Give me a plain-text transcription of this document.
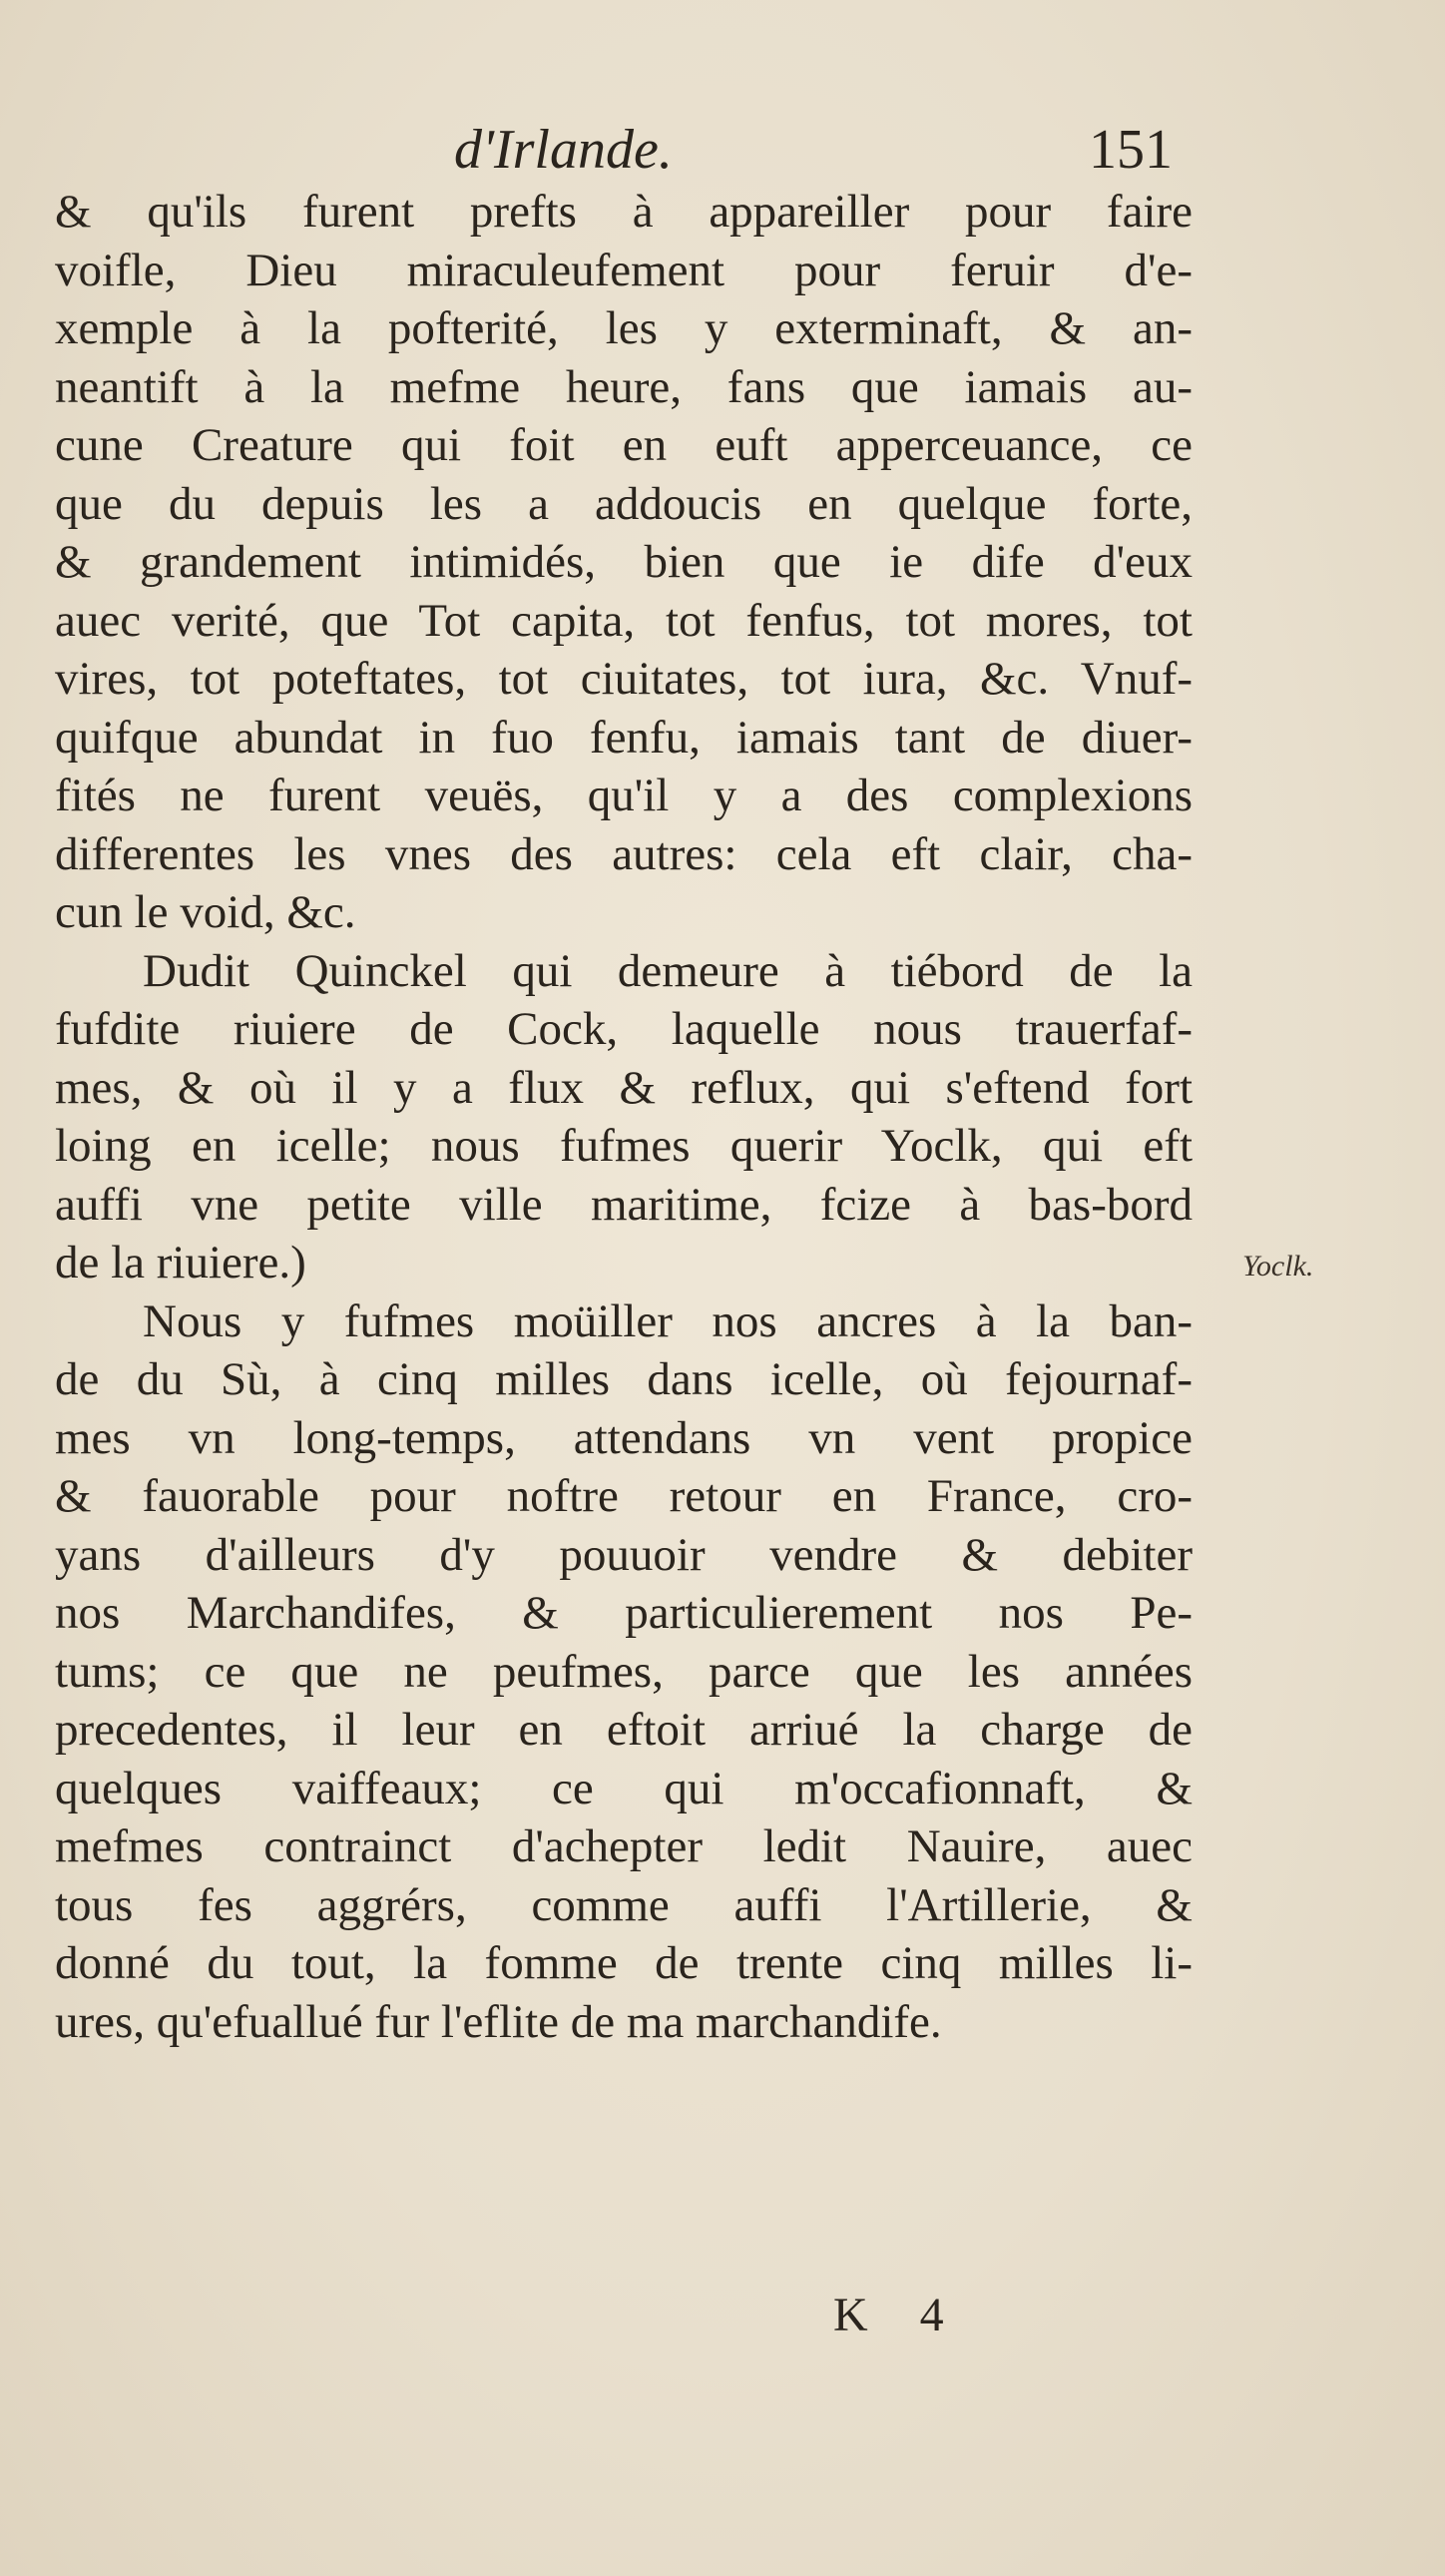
d'Irlande.	151
& qu'ils furent prefts à appareiller pour faire
voifle, Dieu miraculeufement pour feruir d'e-
xemple à la pofterité, les y exterminaft, & an-
neantift à la mefme heure, fans que iamais au-
cune Creature qui foit en euft apperceuance, ce
que du depuis les a addoucis en quelque forte,
& grandement intimidés, bien que ie dife d'eux
auec verité, que Tot capita, tot fenfus, tot mores, tot
vires, tot poteftates, tot ciuitates, tot iura, &c. Vnuf-
quifque abundat in fuo fenfu, iamais tant de diuer-
fités ne furent veuës, qu'il y a des complexions
differentes les vnes des autres: cela eft clair, cha-
cun le void, &c.
Dudit Quinckel qui demeure à tiébord de la
fufdite riuiere de Cock, laquelle nous trauerfaf-
mes, & où il y a flux & reflux, qui s'eftend fort
loing en icelle; nous fufmes querir Yoclk, qui eft
auffi vne petite ville maritime, fcize à bas-bord
de la riuiere.)
Nous y fufmes moüiller nos ancres à la ban-
de du Sù, à cinq milles dans icelle, où fejournaf-
mes vn long-temps, attendans vn vent propice
& fauorable pour noftre retour en France, cro-
yans d'ailleurs d'y pouuoir vendre & debiter
nos Marchandifes, & particulierement nos Pe-
tums; ce que ne peufmes, parce que les années
precedentes, il leur en eftoit arriué la charge de
quelques vaiffeaux; ce qui m'occafionnaft, &
mefmes contrainct d'achepter ledit Nauire, auec
tous fes aggrérs, comme auffi l'Artillerie, &
donné du tout, la fomme de trente cinq milles li-
ures, qu'efuallué fur l'eflite de ma marchandife.
Yoclk.
K 4
